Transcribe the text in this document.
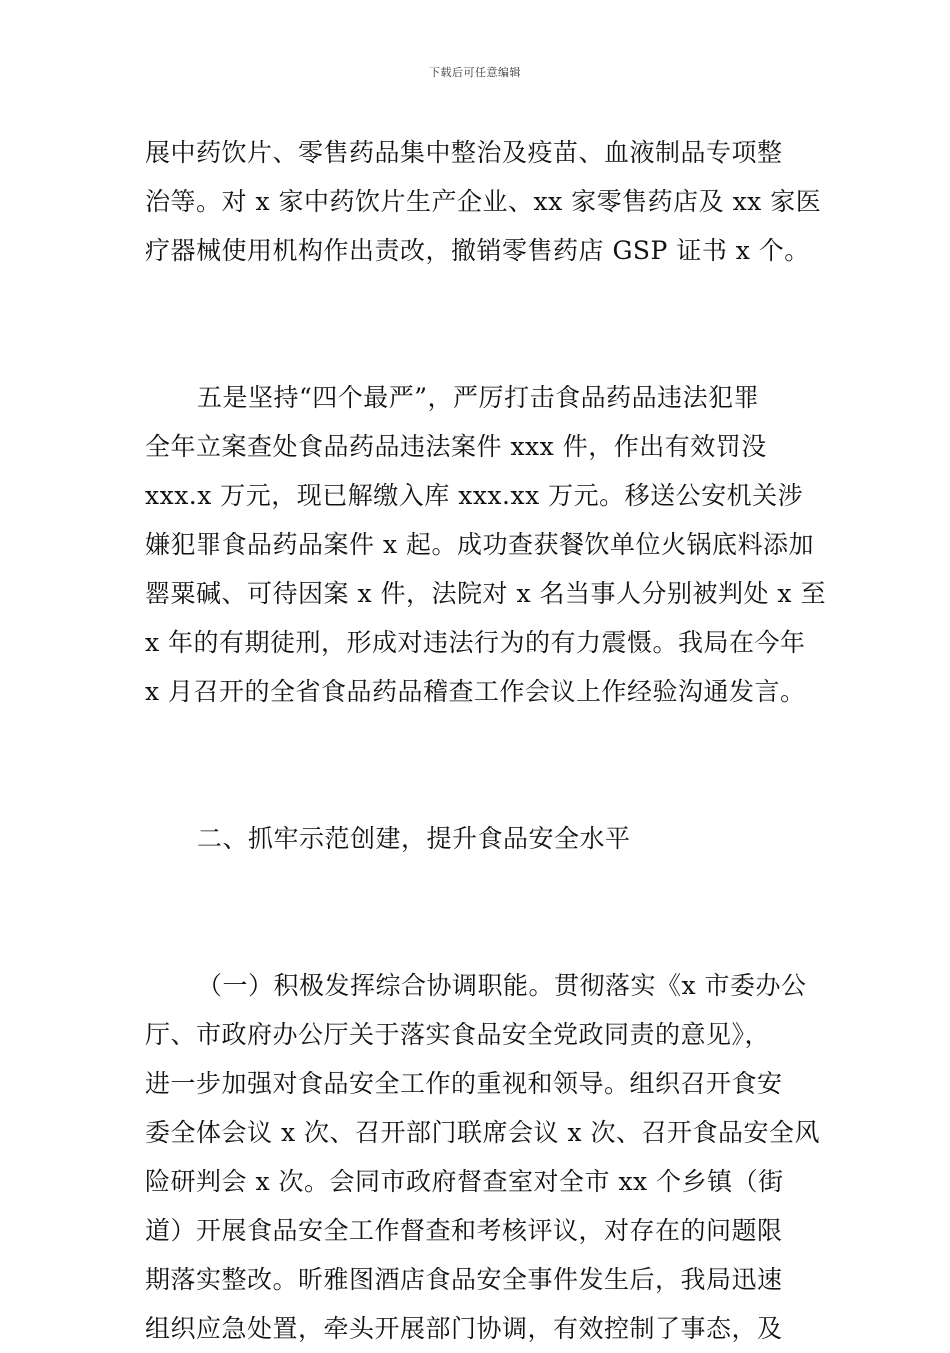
下载后可任意编辑
展中药饮片、零售药品集中整治及疫苗、血液制品专项整
治等。对 x 家中药饮片生产企业、xx 家零售药店及 xx 家医
疗器械使用机构作出责改，撤销零售药店 GSP 证书 x 个。
五是坚持“四个最严”，严厉打击食品药品违法犯罪
全年立案查处食品药品违法案件 xxx 件，作出有效罚没
xxx.x 万元，现已解缴入库 xxx.xx 万元。移送公安机关涉
嫌犯罪食品药品案件 x 起。成功查获餐饮单位火锅底料添加
罂粟碱、可待因案 x 件，法院对 x 名当事人分别被判处 x 至
x 年的有期徒刑，形成对违法行为的有力震慑。我局在今年
x 月召开的全省食品药品稽查工作会议上作经验沟通发言。
二、抓牢示范创建，提升食品安全水平
（一）积极发挥综合协调职能。贯彻落实《x 市委办公
厅、市政府办公厅关于落实食品安全党政同责的意见》，
进一步加强对食品安全工作的重视和领导。组织召开食安
委全体会议 x 次、召开部门联席会议 x 次、召开食品安全风
险研判会 x 次。会同市政府督查室对全市 xx 个乡镇（街
道）开展食品安全工作督查和考核评议，对存在的问题限
期落实整改。昕雅图酒店食品安全事件发生后，我局迅速
组织应急处置，牵头开展部门协调，有效控制了事态，及
